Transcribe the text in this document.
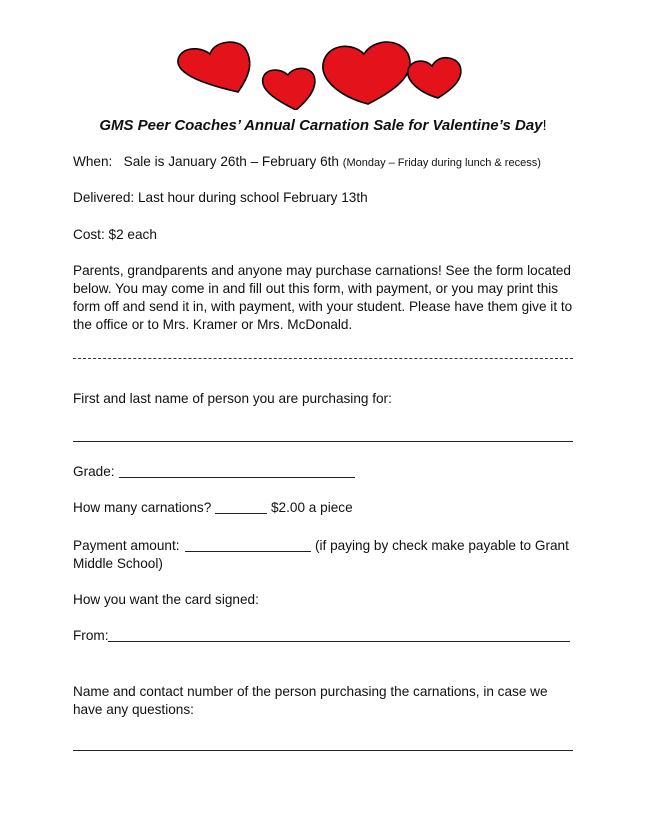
GMS Peer Coaches’ Annual Carnation Sale for Valentine’s Day!
When: Sale is January 26th – February 6th (Monday – Friday during lunch & recess)
Delivered: Last hour during school February 13th
Cost: $2 each
Parents, grandparents and anyone may purchase carnations! See the form located below. You may come in and fill out this form, with payment, or you may print this form off and send it in, with payment, with your student. Please have them give it to the office or to Mrs. Kramer or Mrs. McDonald.
First and last name of person you are purchasing for:
Grade:
How many carnations?	$2.00 a piece
Payment amount:	(if paying by check make payable to Grant
Middle School)
How you want the card signed:
From:
Name and contact number of the person purchasing the carnations, in case we
have any questions:
